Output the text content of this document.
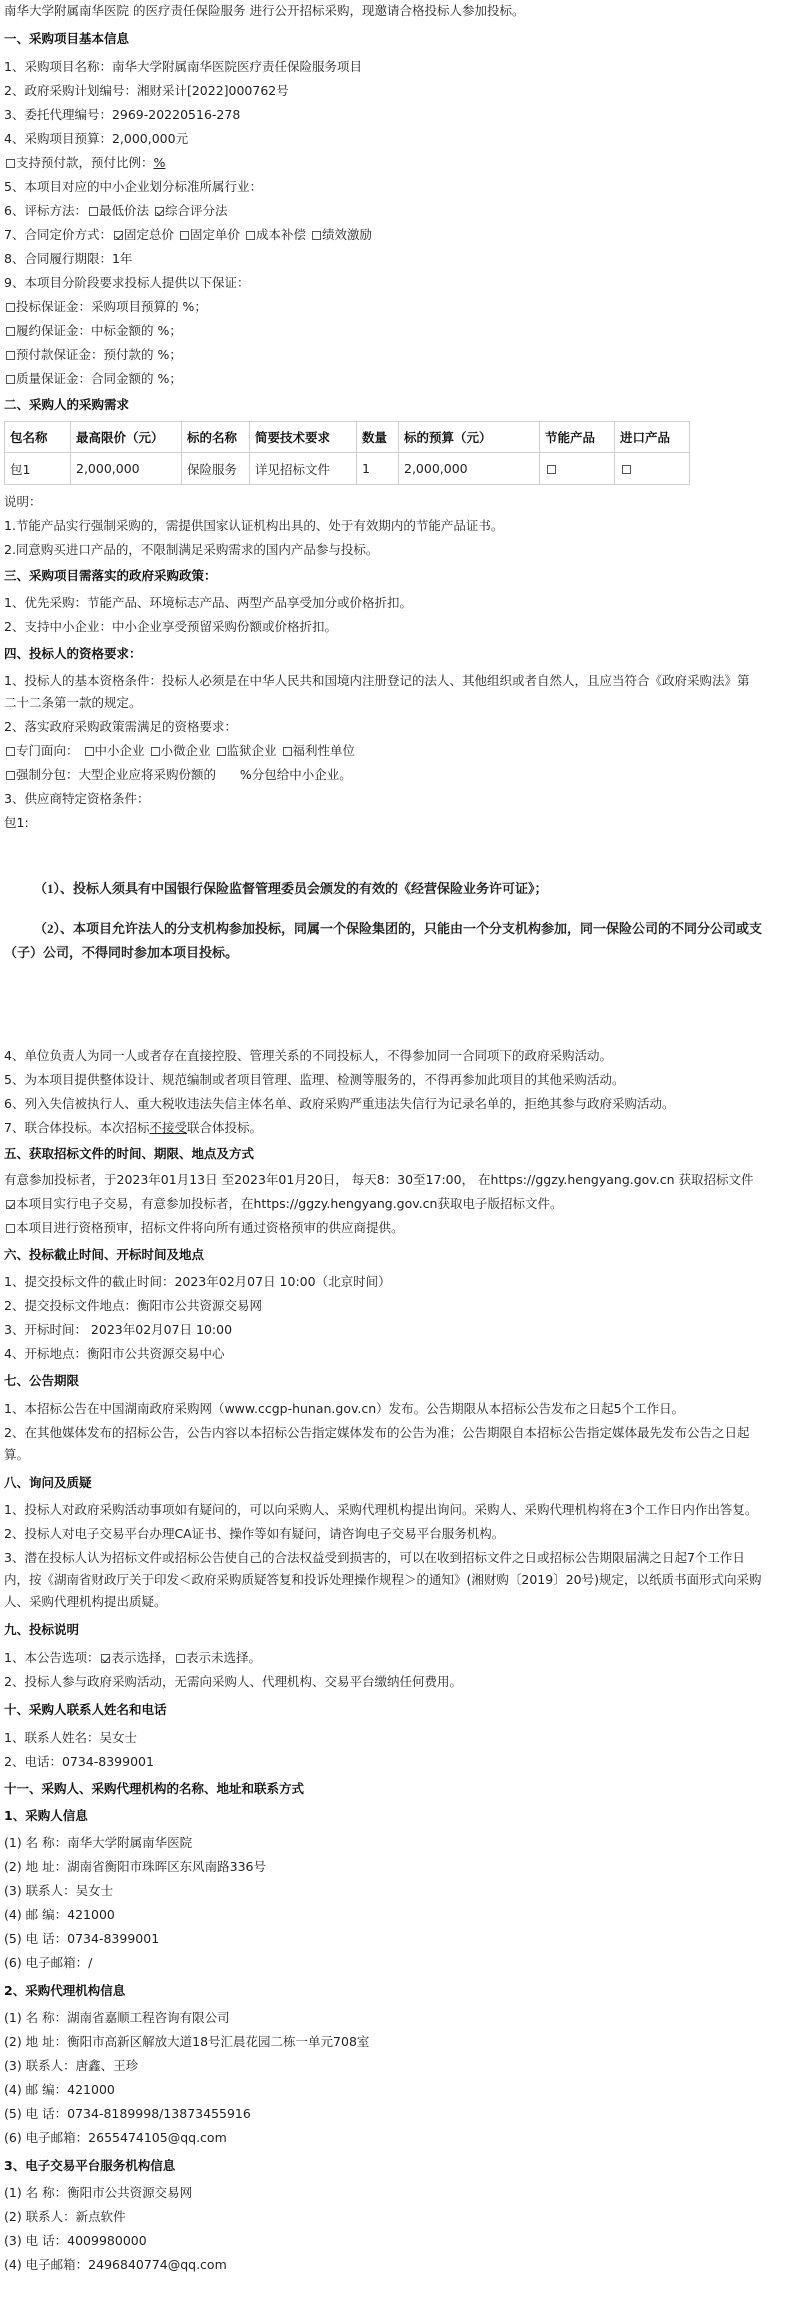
南华大学附属南华医院 的医疗责任保险服务 进行公开招标采购，现邀请合格投标人参加投标。
一、采购项目基本信息
1、采购项目名称：南华大学附属南华医院医疗责任保险服务项目
2、政府采购计划编号：湘财采计[2022]000762号
3、委托代理编号：2969-20220516-278
4、采购项目预算：2,000,000元
支持预付款，预付比例：%
5、本项目对应的中小企业划分标准所属行业：
6、评标方法： 最低价法 综合评分法
7、合同定价方式： 固定总价 固定单价 成本补偿 绩效激励
8、合同履行期限：1年
9、本项目分阶段要求投标人提供以下保证：
投标保证金：采购项目预算的 %；
履约保证金：中标金额的 %；
预付款保证金：预付款的 %；
质量保证金：合同金额的 %；
二、采购人的采购需求
包名称	最高限价（元）	标的名称	简要技术要求	数量	标的预算（元）	节能产品	进口产品
包1	2,000,000	保险服务	详见招标文件	1	2,000,000		
说明：
1.节能产品实行强制采购的，需提供国家认证机构出具的、处于有效期内的节能产品证书。
2.同意购买进口产品的，不限制满足采购需求的国内产品参与投标。
三、采购项目需落实的政府采购政策：
1、优先采购：节能产品、环境标志产品、两型产品享受加分或价格折扣。
2、支持中小企业：中小企业享受预留采购份额或价格折扣。
四、投标人的资格要求：
1、投标人的基本资格条件：投标人必须是在中华人民共和国境内注册登记的法人、其他组织或者自然人，且应当符合《政府采购法》第
二十二条第一款的规定。
2、落实政府采购政策需满足的资格要求：
专门面向： 中小企业 小微企业 监狱企业 福利性单位
强制分包：大型企业应将采购份额的 %分包给中小企业。
3、供应商特定资格条件：
包1:
（1）、投标人须具有中国银行保险监督管理委员会颁发的有效的《经营保险业务许可证》；
（2）、本项目允许法人的分支机构参加投标，同属一个保险集团的，只能由一个分支机构参加，同一保险公司的不同分公司或支
（子）公司，不得同时参加本项目投标。
4、单位负责人为同一人或者存在直接控股、管理关系的不同投标人，不得参加同一合同项下的政府采购活动。
5、为本项目提供整体设计、规范编制或者项目管理、监理、检测等服务的，不得再参加此项目的其他采购活动。
6、列入失信被执行人、重大税收违法失信主体名单、政府采购严重违法失信行为记录名单的，拒绝其参与政府采购活动。
7、联合体投标。本次招标不接受联合体投标。
五、获取招标文件的时间、期限、地点及方式
有意参加投标者，于2023年01月13日 至2023年01月20日， 每天8：30至17:00， 在https://ggzy.hengyang.gov.cn 获取招标文件
本项目实行电子交易，有意参加投标者，在https://ggzy.hengyang.gov.cn获取电子版招标文件。
本项目进行资格预审，招标文件将向所有通过资格预审的供应商提供。
六、投标截止时间、开标时间及地点
1、提交投标文件的截止时间：2023年02月07日 10:00（北京时间）
2、提交投标文件地点：衡阳市公共资源交易网
3、开标时间： 2023年02月07日 10:00
4、开标地点：衡阳市公共资源交易中心
七、公告期限
1、本招标公告在中国湖南政府采购网（www.ccgp-hunan.gov.cn）发布。公告期限从本招标公告发布之日起5个工作日。
2、在其他媒体发布的招标公告，公告内容以本招标公告指定媒体发布的公告为准；公告期限自本招标公告指定媒体最先发布公告之日起
算。
八、询问及质疑
1、投标人对政府采购活动事项如有疑问的，可以向采购人、采购代理机构提出询问。采购人、采购代理机构将在3个工作日内作出答复。
2、投标人对电子交易平台办理CA证书、操作等如有疑问，请咨询电子交易平台服务机构。
3、潜在投标人认为招标文件或招标公告使自己的合法权益受到损害的，可以在收到招标文件之日或招标公告期限届满之日起7个工作日
内，按《湖南省财政厅关于印发＜政府采购质疑答复和投诉处理操作规程＞的通知》(湘财购〔2019〕20号)规定，以纸质书面形式向采购
人、采购代理机构提出质疑。
九、投标说明
1、本公告选项： 表示选择， 表示未选择。
2、投标人参与政府采购活动，无需向采购人、代理机构、交易平台缴纳任何费用。
十、采购人联系人姓名和电话
1、联系人姓名：吴女士
2、电话：0734-8399001
十一、采购人、采购代理机构的名称、地址和联系方式
1、采购人信息
(1) 名 称：南华大学附属南华医院
(2) 地 址：湖南省衡阳市珠晖区东风南路336号
(3) 联系人：吴女士
(4) 邮 编：421000
(5) 电 话：0734-8399001
(6) 电子邮箱：/
2、采购代理机构信息
(1) 名 称：湖南省嘉顺工程咨询有限公司
(2) 地 址：衡阳市高新区解放大道18号汇晨花园二栋一单元708室
(3) 联系人：唐鑫、王珍
(4) 邮 编：421000
(5) 电 话：0734-8189998/13873455916
(6) 电子邮箱：2655474105@qq.com
3、电子交易平台服务机构信息
(1) 名 称：衡阳市公共资源交易网
(2) 联系人：新点软件
(3) 电 话：4009980000
(4) 电子邮箱：2496840774@qq.com
